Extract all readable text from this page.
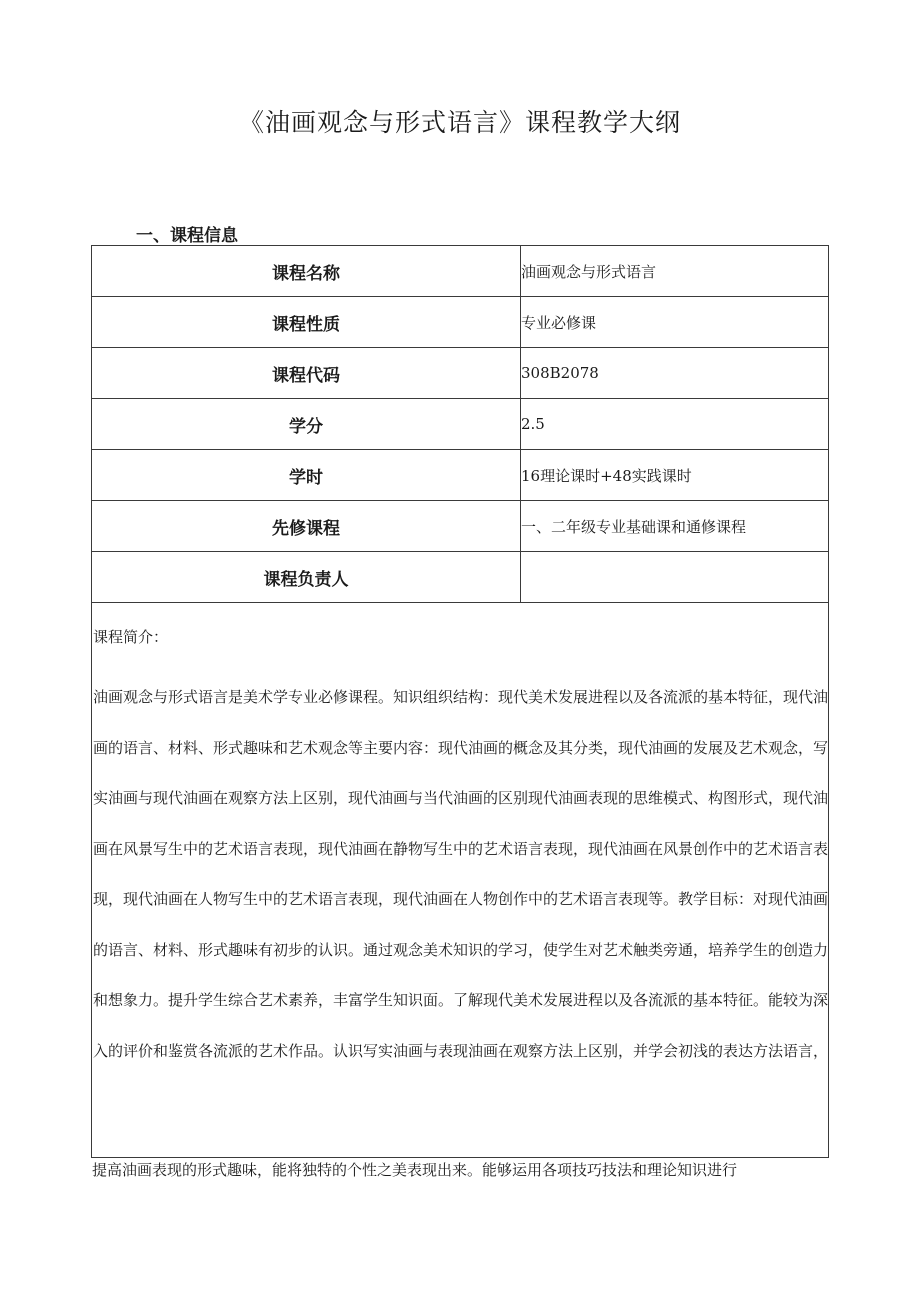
《油画观念与形式语言》课程教学大纲
一、课程信息
课程名称	油画观念与形式语言
课程性质	专业必修课
课程代码	308B2078
学分	2.5
学时	16理论课时+48实践课时
先修课程	一、二年级专业基础课和通修课程
课程负责人	
课程简介：
油画观念与形式语言是美术学专业必修课程。知识组织结构：现代美术发展进程以及各流派的基本特征，现代油画的语言、材料、形式趣味和艺术观念等主要内容：现代油画的概念及其分类，现代油画的发展及艺术观念，写实油画与现代油画在观察方法上区别，现代油画与当代油画的区别现代油画表现的思维模式、构图形式，现代油画在风景写生中的艺术语言表现，现代油画在静物写生中的艺术语言表现，现代油画在风景创作中的艺术语言表现，现代油画在人物写生中的艺术语言表现，现代油画在人物创作中的艺术语言表现等。教学目标：对现代油画的语言、材料、形式趣味有初步的认识。通过观念美术知识的学习，使学生对艺术触类旁通，培养学生的创造力和想象力。提升学生综合艺术素养，丰富学生知识面。了解现代美术发展进程以及各流派的基本特征。能较为深入的评价和鉴赏各流派的艺术作品。认识写实油画与表现油画在观察方法上区别，并学会初浅的表达方法语言，
提高油画表现的形式趣味，能将独特的个性之美表现出来。能够运用各项技巧技法和理论知识进行
